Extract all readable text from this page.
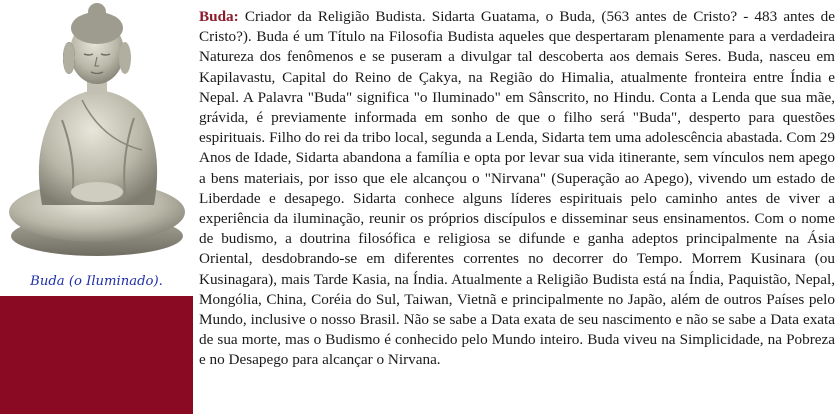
Buda (o Iluminado).

Buda: Criador da Religião Budista. Sidarta Guatama, o Buda, (563 antes de Cristo? - 483 antes de Cristo?). Buda é um Título na Filosofia Budista aqueles que despertaram plenamente para a verdadeira Natureza dos fenômenos e se puseram a divulgar tal descoberta aos demais Seres. Buda, nasceu em Kapilavastu, Capital do Reino de Çakya, na Região do Himalia, atualmente fronteira entre Índia e Nepal. A Palavra "Buda" significa "o Iluminado" em Sânscrito, no Hindu. Conta a Lenda que sua mãe, grávida, é previamente informada em sonho de que o filho será "Buda", desperto para questões espirituais. Filho do rei da tribo local, segunda a Lenda, Sidarta tem uma adolescência abastada. Com 29 Anos de Idade, Sidarta abandona a família e opta por levar sua vida itinerante, sem vínculos nem apego a bens materiais, por isso que ele alcançou o "Nirvana" (Superação ao Apego), vivendo um estado de Liberdade e desapego. Sidarta conhece alguns líderes espirituais pelo caminho antes de viver a experiência da iluminação, reunir os próprios discípulos e disseminar seus ensinamentos. Com o nome de budismo, a doutrina filosófica e religiosa se difunde e ganha adeptos principalmente na Ásia Oriental, desdobrando-se em diferentes correntes no decorrer do Tempo. Morrem Kusinara (ou Kusinagara), mais Tarde Kasia, na Índia. Atualmente a Religião Budista está na Índia, Paquistão, Nepal, Mongólia, China, Coréia do Sul, Taiwan, Vietnã e principalmente no Japão, além de outros Países pelo Mundo, inclusive o nosso Brasil. Não se sabe a Data exata de seu nascimento e não se sabe a Data exata de sua morte, mas o Budismo é conhecido pelo Mundo inteiro. Buda viveu na Simplicidade, na Pobreza e no Desapego para alcançar o Nirvana.
